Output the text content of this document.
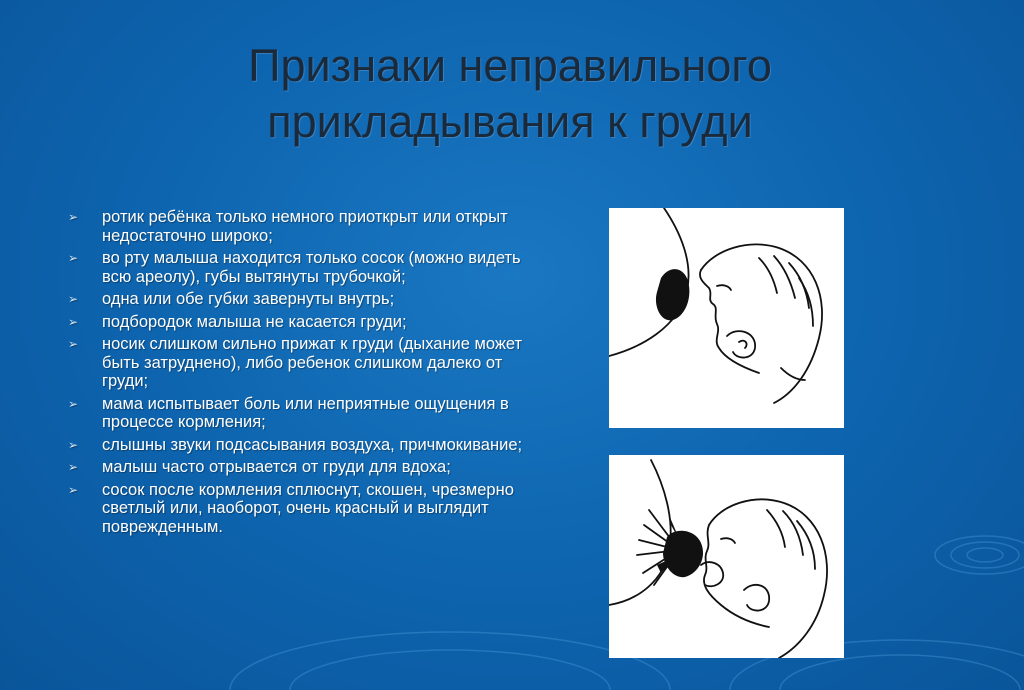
Признаки неправильного
прикладывания к груди
➢ ротик ребёнка только немного приоткрыт или открыт недостаточно широко;
➢ во рту малыша находится только сосок (можно видеть всю ареолу), губы вытянуты трубочкой;
➢ одна или обе губки завернуты внутрь;
➢ подбородок малыша не касается груди;
➢ носик слишком сильно прижат к груди (дыхание может быть затруднено), либо ребенок слишком далеко от груди;
➢ мама испытывает боль или неприятные ощущения в процессе кормления;
➢ слышны звуки подсасывания воздуха, причмокивание;
➢ малыш часто отрывается от груди для вдоха;
➢ сосок после кормления сплюснут, скошен, чрезмерно светлый или, наоборот, очень красный и выглядит поврежденным.
